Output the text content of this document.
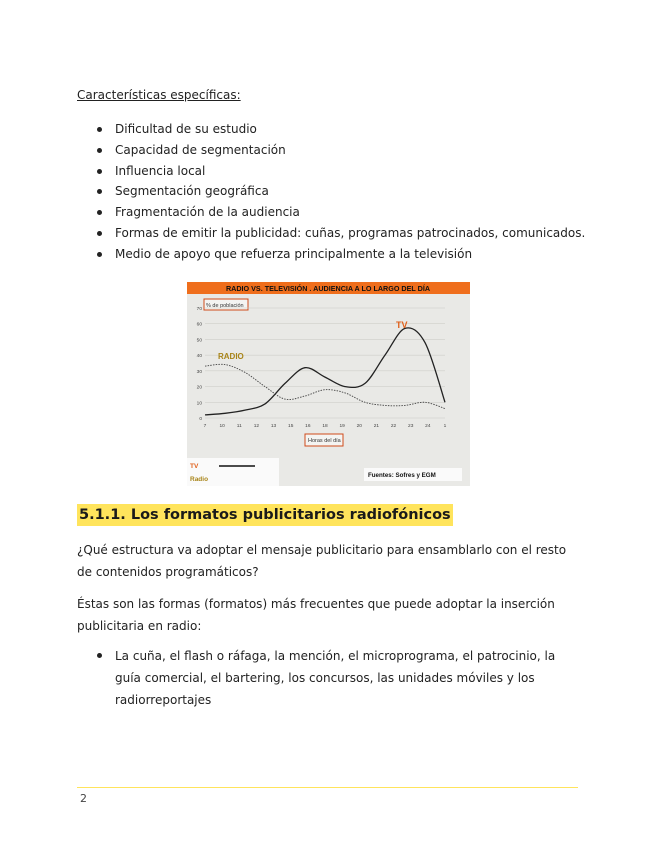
Características específicas:
Dificultad de su estudio
Capacidad de segmentación
Influencia local
Segmentación geográfica
Fragmentación de la audiencia
Formas de emitir la publicidad: cuñas, programas patrocinados, comunicados.
Medio de apoyo que refuerza principalmente a la televisión
RADIO VS. TELEVISIÓN . AUDIENCIA A LO LARGO DEL DÍA
% de población
70
60
50
40
30
20
10
0
7	10 11 12 13 15 16 18 19 20 21 22 23 24	1
Horas del día
TV
RADIO
TV
Radio
Fuentes: Sofres y EGM
5.1.1. Los formatos publicitarios radiofónicos
¿Qué estructura va adoptar el mensaje publicitario para ensamblarlo con el resto de contenidos programáticos?
Éstas son las formas (formatos) más frecuentes que puede adoptar la inserción publicitaria en radio:
La cuña, el flash o ráfaga, la mención, el microprograma, el patrocinio, la guía comercial, el bartering, los concursos, las unidades móviles y los radiorreportajes
2
